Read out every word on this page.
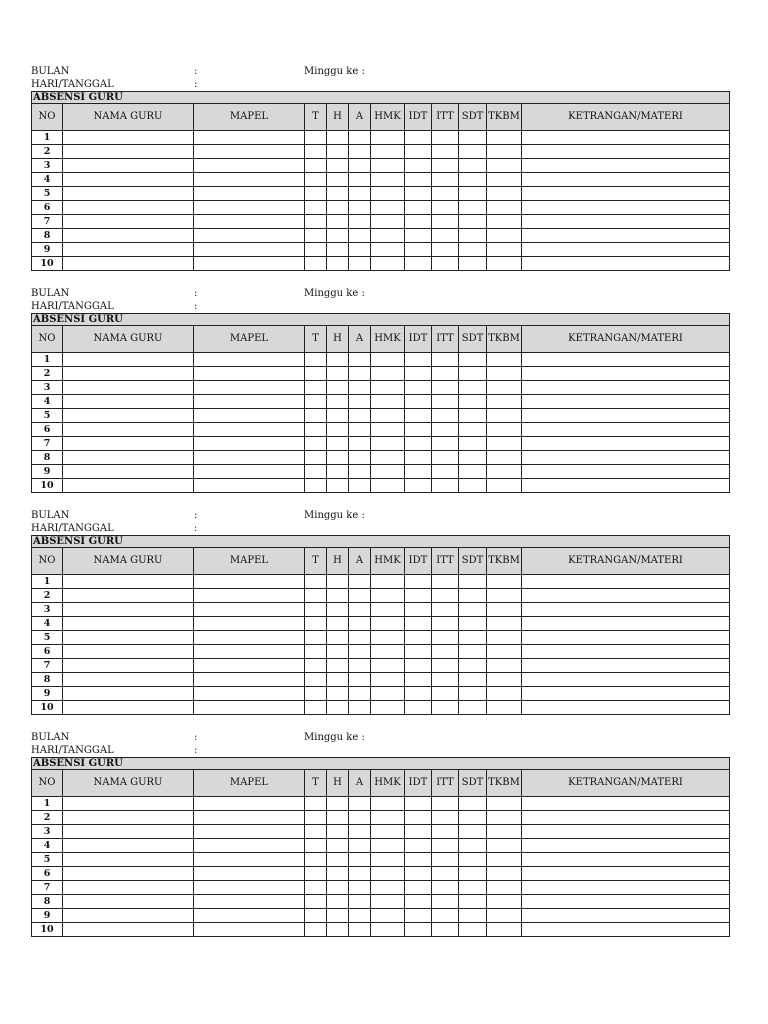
BULAN	:	Minggu ke :
HARI/TANGGAL	:
ABSENSI GURU											
NO	NAMA GURU	MAPEL	T	H	A	HMK	IDT	ITT	SDT	TKBM	KETRANGAN/MATERI
1											
2											
3											
4											
5											
6											
7											
8											
9											
10											
BULAN	:	Minggu ke :
HARI/TANGGAL	:
ABSENSI GURU											
NO	NAMA GURU	MAPEL	T	H	A	HMK	IDT	ITT	SDT	TKBM	KETRANGAN/MATERI
1											
2											
3											
4											
5											
6											
7											
8											
9											
10											
BULAN	:	Minggu ke :
HARI/TANGGAL	:
ABSENSI GURU											
NO	NAMA GURU	MAPEL	T	H	A	HMK	IDT	ITT	SDT	TKBM	KETRANGAN/MATERI
1											
2											
3											
4											
5											
6											
7											
8											
9											
10											
BULAN	:	Minggu ke :
HARI/TANGGAL	:
ABSENSI GURU											
NO	NAMA GURU	MAPEL	T	H	A	HMK	IDT	ITT	SDT	TKBM	KETRANGAN/MATERI
1											
2											
3											
4											
5											
6											
7											
8											
9											
10											
